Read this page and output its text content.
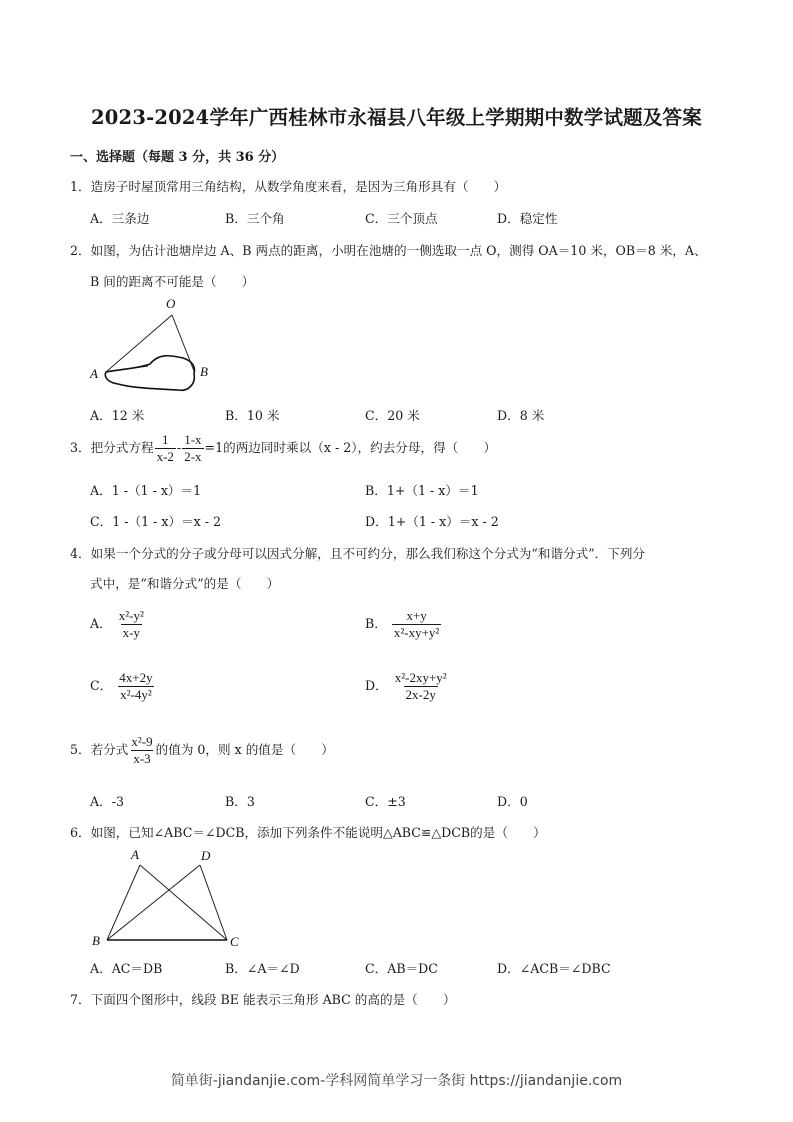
2023-2024学年广西桂林市永福县八年级上学期期中数学试题及答案
一、选择题（每题 3 分，共 36 分）
1．造房子时屋顶常用三角结构，从数学角度来看，是因为三角形具有（　　）
A．三条边	B．三个角	C．三个顶点	D．稳定性
2．如图，为估计池塘岸边 A、B 两点的距离，小明在池塘的一侧选取一点 O，测得 OA＝10 米，OB＝8 米，A、
B 间的距离不可能是（　　）
O
A	B
A．12 米	B．10 米	C．20 米	D．8 米
3．把分式方程 $\frac{1}{x-2} - \frac{1-x}{2-x} =1$的两边同时乘以（x - 2），约去分母，得（　　）
A．1 -（1 - x）＝1	B．1+（1 - x）＝1
C．1 -（1 - x）＝x - 2	D．1+（1 - x）＝x - 2
4．如果一个分式的分子或分母可以因式分解，且不可约分，那么我们称这个分式为“和谐分式”．下列分
式中，是“和谐分式”的是（　　）
A． $\frac{\text{x²-y²}}{x-y}$	B． $\frac{x+y}{\text{x²-xy+y²}}$
C． $\frac{4x+2y}{\text{x²-4y²}}$	D． $\frac{\text{x²-2xy+y²}}{2x-2y}$
5．若分式 $\frac{\text{x²-9}}{x-3}$ 的值为 0，则 x 的值是（　　）
A．-3	B．3	C．±3	D．0
6．如图，已知∠ABC＝∠DCB，添加下列条件不能说明△ABC≌△DCB的是（　　）
A	D
B	C
A．AC＝DB	B．∠A＝∠D	C．AB＝DC	D．∠ACB＝∠DBC
7．下面四个图形中，线段 BE 能表示三角形 ABC 的高的是（　　）
简单街-jiandanjie.com-学科网简单学习一条街 https://jiandanjie.com
